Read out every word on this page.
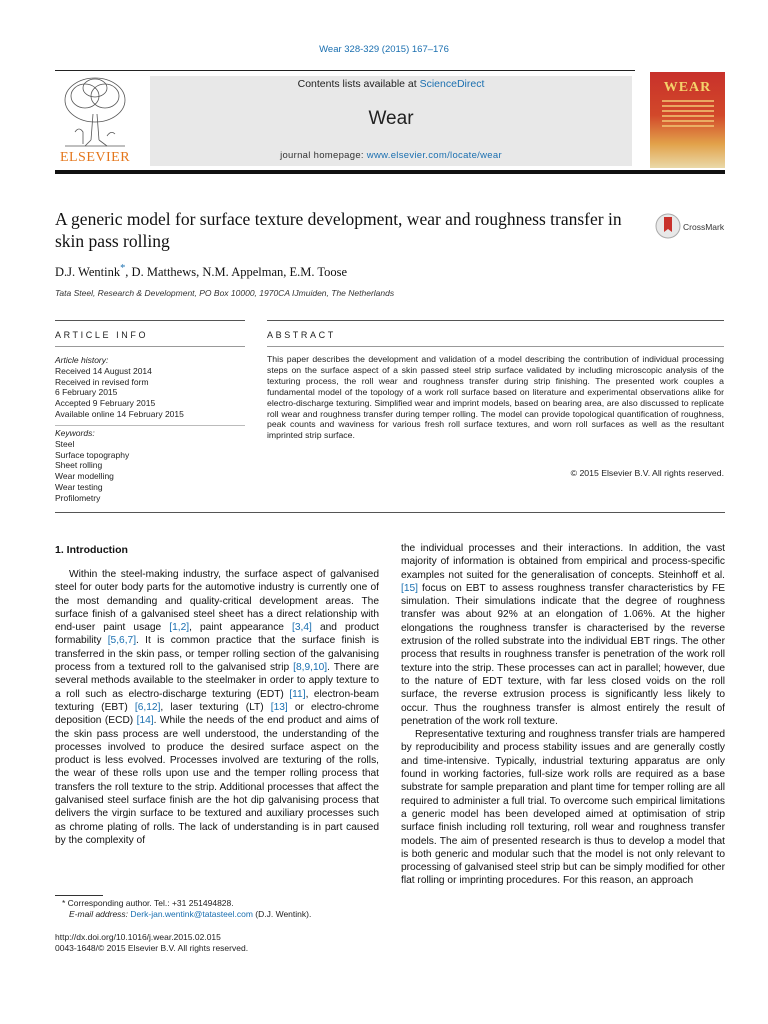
Wear 328-329 (2015) 167–176
ELSEVIER
Contents lists available at ScienceDirect
Wear
journal homepage: www.elsevier.com/locate/wear
WEAR
A generic model for surface texture development, wear and roughness transfer in skin pass rolling
CrossMark
D.J. Wentink*, D. Matthews, N.M. Appelman, E.M. Toose
Tata Steel, Research & Development, PO Box 10000, 1970CA IJmuiden, The Netherlands
ARTICLE INFO	ABSTRACT
Article history:
Received 14 August 2014
Received in revised form
6 February 2015
Accepted 9 February 2015
Available online 14 February 2015
Keywords:
Steel
Surface topography
Sheet rolling
Wear modelling
Wear testing
Profilometry
This paper describes the development and validation of a model describing the contribution of individual processing steps on the surface aspect of a skin passed steel strip surface validated by including microscopic analysis of the texturing process, the roll wear and roughness transfer during strip finishing. The presented work couples a fundamental model of the topology of a work roll surface based on literature and experimental observations alike for electro-discharge texturing. Simplified wear and imprint models, based on bearing area, are also discussed to replicate roll wear and roughness transfer during temper rolling. The model can provide topological quantification of roughness, peak counts and waviness for various fresh roll surface textures, and worn roll surfaces as well as the resultant imprinted strip surface.
© 2015 Elsevier B.V. All rights reserved.
1. Introduction

Within the steel-making industry, the surface aspect of galvanised steel for outer body parts for the automotive industry is currently one of the most demanding and quality-critical development areas. The surface finish of a galvanised steel sheet has a direct relationship with end-user paint usage [1,2], paint appearance [3,4] and product formability [5,6,7]. It is common practice that the surface finish is transferred in the skin pass, or temper rolling section of the galvanising process from a textured roll to the galvanised strip [8,9,10]. There are several methods available to the steelmaker in order to apply texture to a roll such as electro-discharge texturing (EDT) [11], electron-beam texturing (EBT) [6,12], laser texturing (LT) [13] or electro-chrome deposition (ECD) [14]. While the needs of the end product and aims of the skin pass process are well understood, the understanding of the processes involved to produce the desired surface aspect on the product is less evolved. Processes involved are texturing of the rolls, the wear of these rolls upon use and the temper rolling process that transfers the roll texture to the strip. Additional processes that affect the galvanised steel surface finish are the hot dip galvanising process that delivers the virgin surface to be textured and auxiliary processes such as chrome plating of rolls. The lack of understanding is in part caused by the complexity of

the individual processes and their interactions. In addition, the vast majority of information is obtained from empirical and process-specific examples not suited for the generalisation of concepts. Steinhoff et al. [15] focus on EBT to assess roughness transfer characteristics by FE simulation. Their simulations indicate that the degree of roughness transfer was about 92% at an elongation of 1.06%. At the higher elongations the roughness transfer is characterised by the reverse extrusion of the rolled substrate into the individual EBT rings. The other process that results in roughness transfer is penetration of the work roll texture into the strip. These processes can act in parallel; however, due to the nature of EDT texture, with far less closed voids on the roll surface, the reverse extrusion process is significantly less likely to occur. Thus the roughness transfer is almost entirely the result of penetration of the work roll texture.

Representative texturing and roughness transfer trials are hampered by reproducibility and process stability issues and are generally costly and time-intensive. Typically, industrial texturing apparatus are only found in working factories, full-size work rolls are required as a base substrate for sample preparation and plant time for temper rolling are all required to administer a full trial. To overcome such empirical limitations a generic model has been developed aimed at optimisation of strip surface finish including roll texturing, roll wear and roughness transfer models. The aim of presented research is thus to develop a model that is both generic and modular such that the model is not only relevant to processing of galvanised steel strip but can be simply modified for other flat rolling or imprinting procedures. For this reason, an approach

* Corresponding author. Tel.: +31 251494828.
E-mail address: Derk-jan.wentink@tatasteel.com (D.J. Wentink).
http://dx.doi.org/10.1016/j.wear.2015.02.015
0043-1648/© 2015 Elsevier B.V. All rights reserved.
